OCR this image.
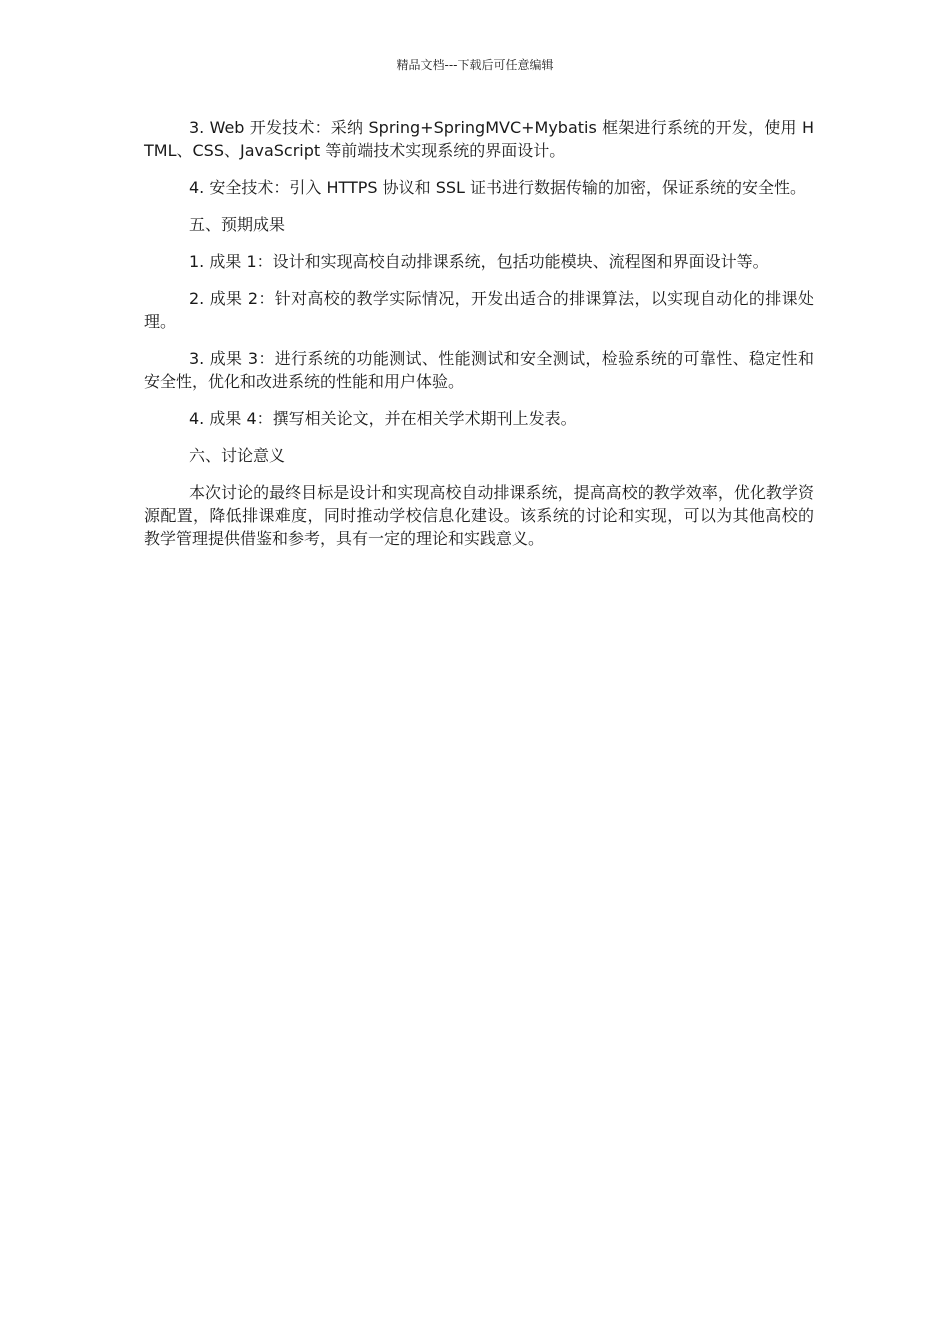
精品文档---下载后可任意编辑

3. Web 开发技术：采纳 Spring+SpringMVC+Mybatis 框架进行系统的开发，使用 HTML、CSS、JavaScript 等前端技术实现系统的界面设计。

4. 安全技术：引入 HTTPS 协议和 SSL 证书进行数据传输的加密，保证系统的安全性。

五、预期成果

1. 成果 1：设计和实现高校自动排课系统，包括功能模块、流程图和界面设计等。

2. 成果 2：针对高校的教学实际情况，开发出适合的排课算法，以实现自动化的排课处理。

3. 成果 3：进行系统的功能测试、性能测试和安全测试，检验系统的可靠性、稳定性和安全性，优化和改进系统的性能和用户体验。

4. 成果 4：撰写相关论文，并在相关学术期刊上发表。

六、讨论意义

本次讨论的最终目标是设计和实现高校自动排课系统，提高高校的教学效率，优化教学资源配置，降低排课难度，同时推动学校信息化建设。该系统的讨论和实现，可以为其他高校的教学管理提供借鉴和参考，具有一定的理论和实践意义。
